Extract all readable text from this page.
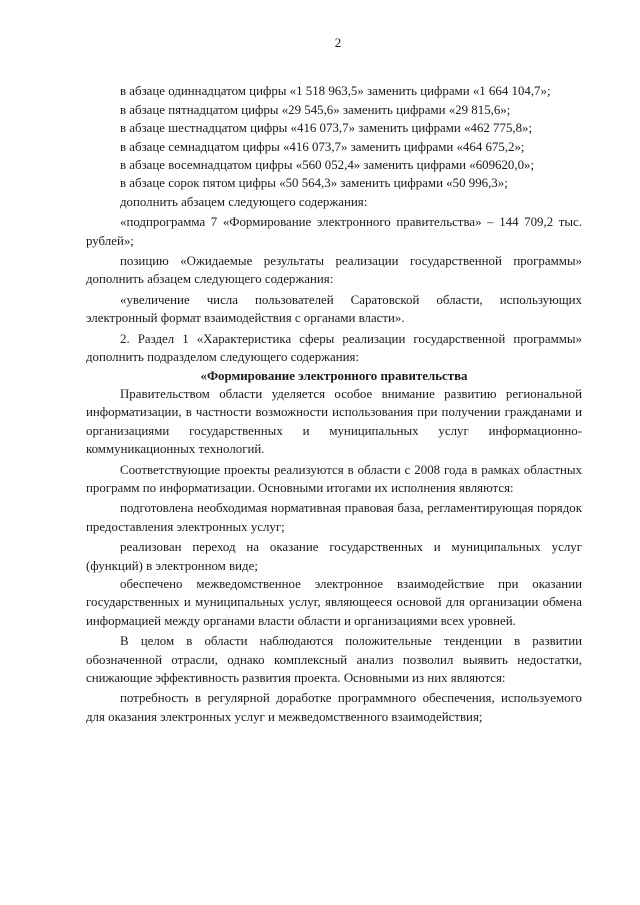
2

в абзаце одиннадцатом цифры «1 518 963,5» заменить цифрами «1 664 104,7»;

в абзаце пятнадцатом цифры «29 545,6» заменить цифрами «29 815,6»;

в абзаце шестнадцатом цифры «416 073,7» заменить цифрами «462 775,8»;

в абзаце семнадцатом цифры «416 073,7» заменить цифрами «464 675,2»;

в абзаце восемнадцатом цифры «560 052,4» заменить цифрами «609620,0»;

в абзаце сорок пятом цифры «50 564,3» заменить цифрами «50 996,3»;

дополнить абзацем следующего содержания:

«подпрограмма 7 «Формирование электронного правительства» – 144 709,2 тыс. рублей»;

позицию «Ожидаемые результаты реализации государственной программы» дополнить абзацем следующего содержания:

«увеличение числа пользователей Саратовской области, использующих электронный формат взаимодействия с органами власти».

2. Раздел 1 «Характеристика сферы реализации государственной программы» дополнить подразделом следующего содержания:

«Формирование электронного правительства

Правительством области уделяется особое внимание развитию региональной информатизации, в частности возможности использования при получении гражданами и организациями государственных и муниципальных услуг информационно-коммуникационных технологий.

Соответствующие проекты реализуются в области с 2008 года в рамках областных программ по информатизации. Основными итогами их исполнения являются:

подготовлена необходимая нормативная правовая база, регламентирующая порядок предоставления электронных услуг;

реализован переход на оказание государственных и муниципальных услуг (функций) в электронном виде;

обеспечено межведомственное электронное взаимодействие при оказании государственных и муниципальных услуг, являющееся основой для организации обмена информацией между органами власти области и организациями всех уровней.

В целом в области наблюдаются положительные тенденции в развитии обозначенной отрасли, однако комплексный анализ позволил выявить недостатки, снижающие эффективность развития проекта. Основными из них являются:

потребность в регулярной доработке программного обеспечения, используемого для оказания электронных услуг и межведомственного взаимодействия;
